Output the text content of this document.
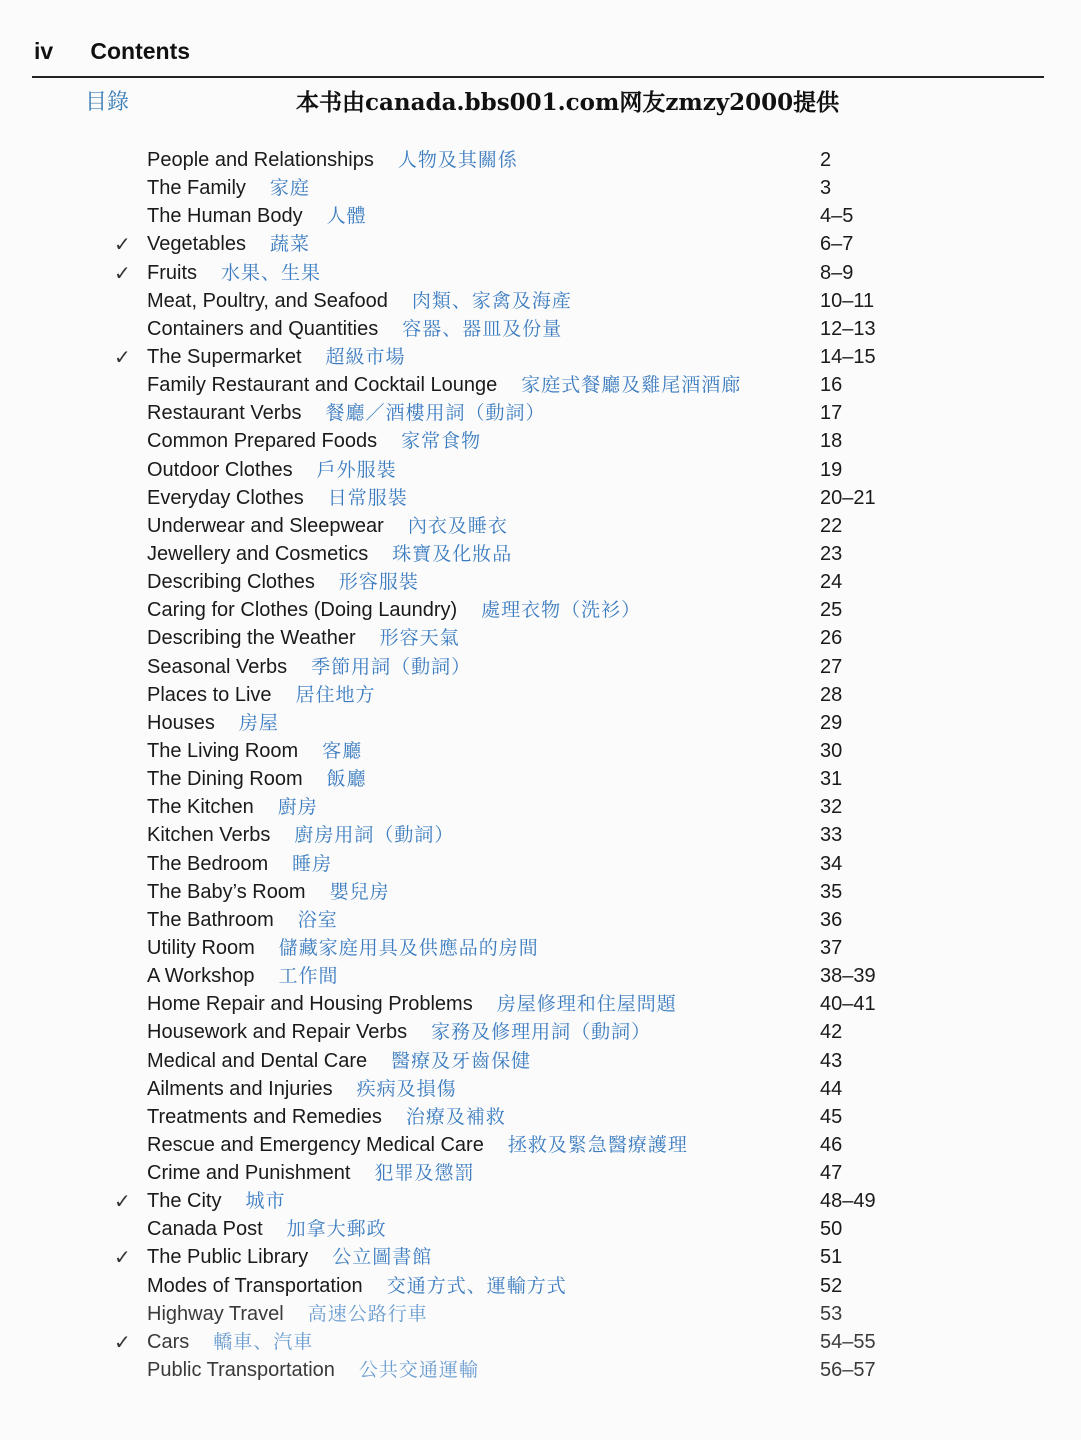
iv Contents
目錄	本书由canada.bbs001.com网友zmzy2000提供
People and Relationships 人物及其關係	2
The Family 家庭	3
The Human Body 人體	4–5
✓ Vegetables 蔬菜	6–7
✓ Fruits 水果、生果	8–9
Meat, Poultry, and Seafood 肉類、家禽及海產	10–11
Containers and Quantities 容器、器皿及份量	12–13
✓ The Supermarket 超級市場	14–15
Family Restaurant and Cocktail Lounge 家庭式餐廳及雞尾酒酒廊	16
Restaurant Verbs 餐廳／酒樓用詞（動詞）	17
Common Prepared Foods 家常食物	18
Outdoor Clothes 戶外服裝	19
Everyday Clothes 日常服裝	20–21
Underwear and Sleepwear 內衣及睡衣	22
Jewellery and Cosmetics 珠寶及化妝品	23
Describing Clothes 形容服裝	24
Caring for Clothes (Doing Laundry) 處理衣物（洗衫）	25
Describing the Weather 形容天氣	26
Seasonal Verbs 季節用詞（動詞）	27
Places to Live 居住地方	28
Houses 房屋	29
The Living Room 客廳	30
The Dining Room 飯廳	31
The Kitchen 廚房	32
Kitchen Verbs 廚房用詞（動詞）	33
The Bedroom 睡房	34
The Baby’s Room 嬰兒房	35
The Bathroom 浴室	36
Utility Room 儲藏家庭用具及供應品的房間	37
A Workshop 工作間	38–39
Home Repair and Housing Problems 房屋修理和住屋問題	40–41
Housework and Repair Verbs 家務及修理用詞（動詞）	42
Medical and Dental Care 醫療及牙齒保健	43
Ailments and Injuries 疾病及損傷	44
Treatments and Remedies 治療及補救	45
Rescue and Emergency Medical Care 拯救及緊急醫療護理	46
Crime and Punishment 犯罪及懲罰	47
✓ The City 城市	48–49
Canada Post 加拿大郵政	50
✓ The Public Library 公立圖書館	51
Modes of Transportation 交通方式、運輸方式	52
Highway Travel 高速公路行車	53
✓ Cars 轎車、汽車	54–55
Public Transportation 公共交通運輸	56–57
